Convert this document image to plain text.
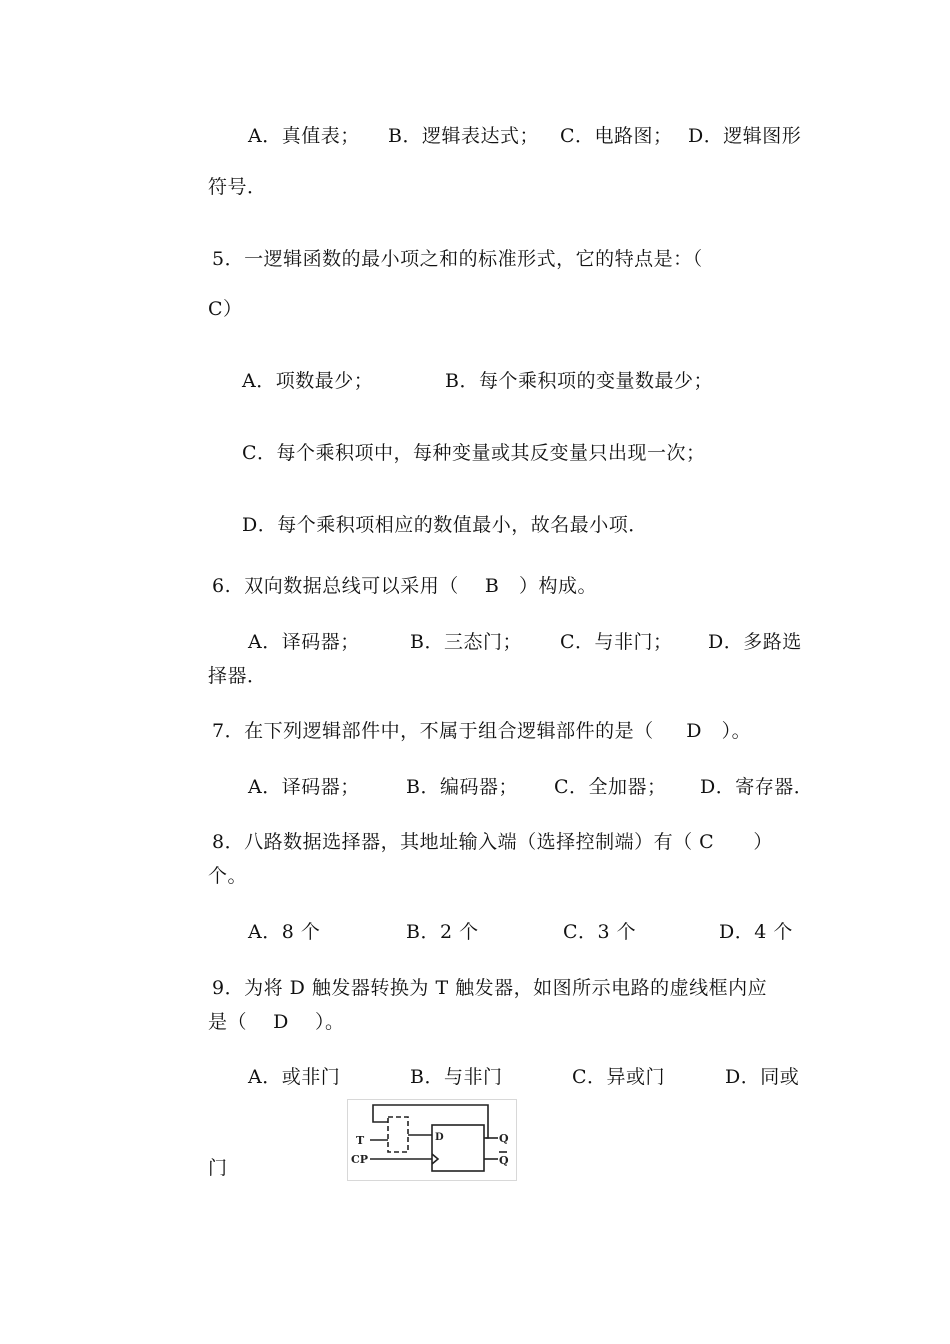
A．真值表； B．逻辑表达式； C．电路图； D．逻辑图形
符号．
5．一逻辑函数的最小项之和的标准形式，它的特点是：（
C）
A．项数最少；	B．每个乘积项的变量数最少；
C．每个乘积项中，每种变量或其反变量只出现一次；
D．每个乘积项相应的数值最小，故名最小项．
6.  双向数据总线可以采用（    B   ）构成。
A．译码器；	B．三态门； C．与非门； D．多路选
择器．
7．在下列逻辑部件中，不属于组合逻辑部件的是（     D   ）。
A．译码器； B．编码器； C．全加器； D．寄存器．
8．八路数据选择器，其地址输入端（选择控制端）有（ C      ）
个。
A．8 个	B．2 个	C．3 个	D．4 个
9．为将 D 触发器转换为 T 触发器，如图所示电路的虚线框内应
是（    D    ）。
A．或非门	B．与非门	C．异或门	D．同或
门
T
CP
D	Q
Q
